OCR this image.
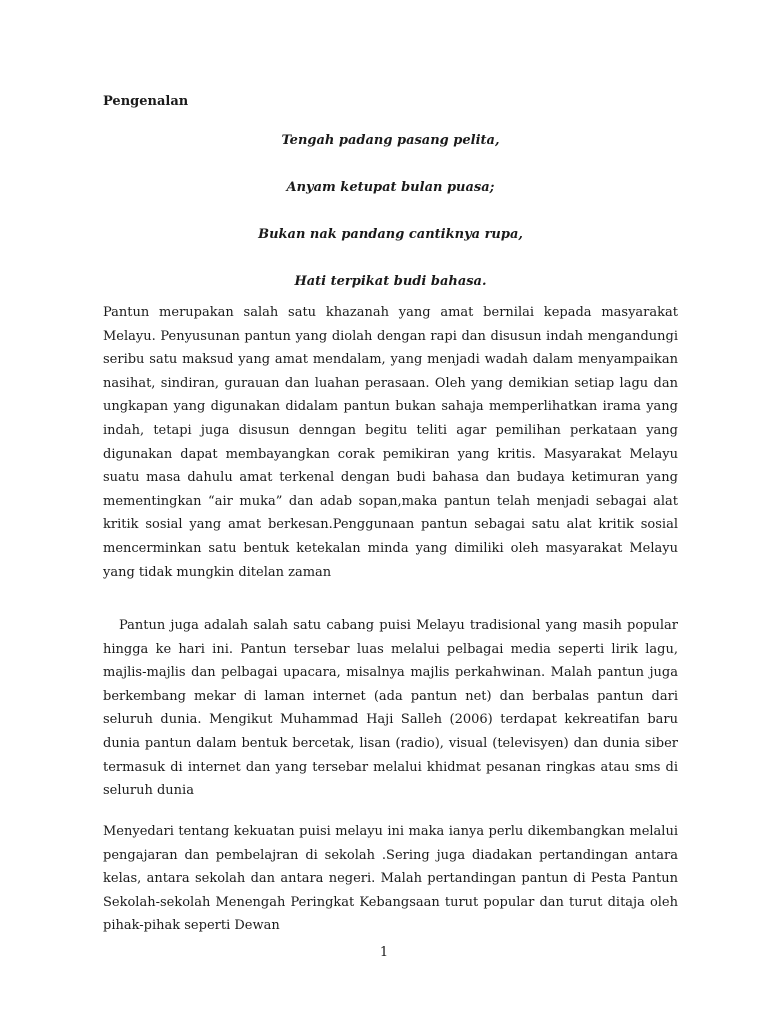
Pengenalan
Tengah padang pasang pelita,
Anyam ketupat bulan puasa;
Bukan nak pandang cantiknya rupa,
Hati terpikat budi bahasa.

Pantun merupakan salah satu khazanah yang amat bernilai kepada masyarakat Melayu. Penyusunan pantun yang diolah dengan rapi dan disusun indah mengandungi seribu satu maksud yang amat mendalam, yang menjadi wadah dalam menyampaikan nasihat, sindiran, gurauan dan luahan perasaan. Oleh yang demikian setiap lagu dan ungkapan yang digunakan didalam pantun bukan sahaja memperlihatkan irama yang indah, tetapi juga disusun denngan begitu teliti agar pemilihan perkataan yang digunakan dapat membayangkan corak pemikiran yang kritis. Masyarakat Melayu suatu masa dahulu amat terkenal dengan budi bahasa dan budaya ketimuran yang mementingkan “air muka” dan adab sopan,maka pantun telah menjadi sebagai alat kritik sosial yang amat berkesan.Penggunaan pantun sebagai satu alat kritik sosial mencerminkan satu bentuk ketekalan minda yang dimiliki oleh masyarakat Melayu yang tidak mungkin ditelan zaman

Pantun juga adalah salah satu cabang puisi Melayu tradisional yang masih popular hingga ke hari ini. Pantun tersebar luas melalui pelbagai media seperti lirik lagu, majlis-majlis dan pelbagai upacara, misalnya majlis perkahwinan. Malah pantun juga berkembang mekar di laman internet (ada pantun net) dan berbalas pantun dari seluruh dunia. Mengikut Muhammad Haji Salleh (2006) terdapat kekreatifan baru dunia pantun dalam bentuk bercetak, lisan (radio), visual (televisyen) dan dunia siber termasuk di internet dan yang tersebar melalui khidmat pesanan ringkas atau sms di seluruh dunia

Menyedari tentang kekuatan puisi melayu ini maka ianya perlu dikembangkan melalui pengajaran dan pembelajran di sekolah .Sering juga diadakan pertandingan antara kelas, antara sekolah dan antara negeri. Malah pertandingan pantun di Pesta Pantun Sekolah-sekolah Menengah Peringkat Kebangsaan turut popular dan turut ditaja oleh pihak-pihak seperti Dewan

1
